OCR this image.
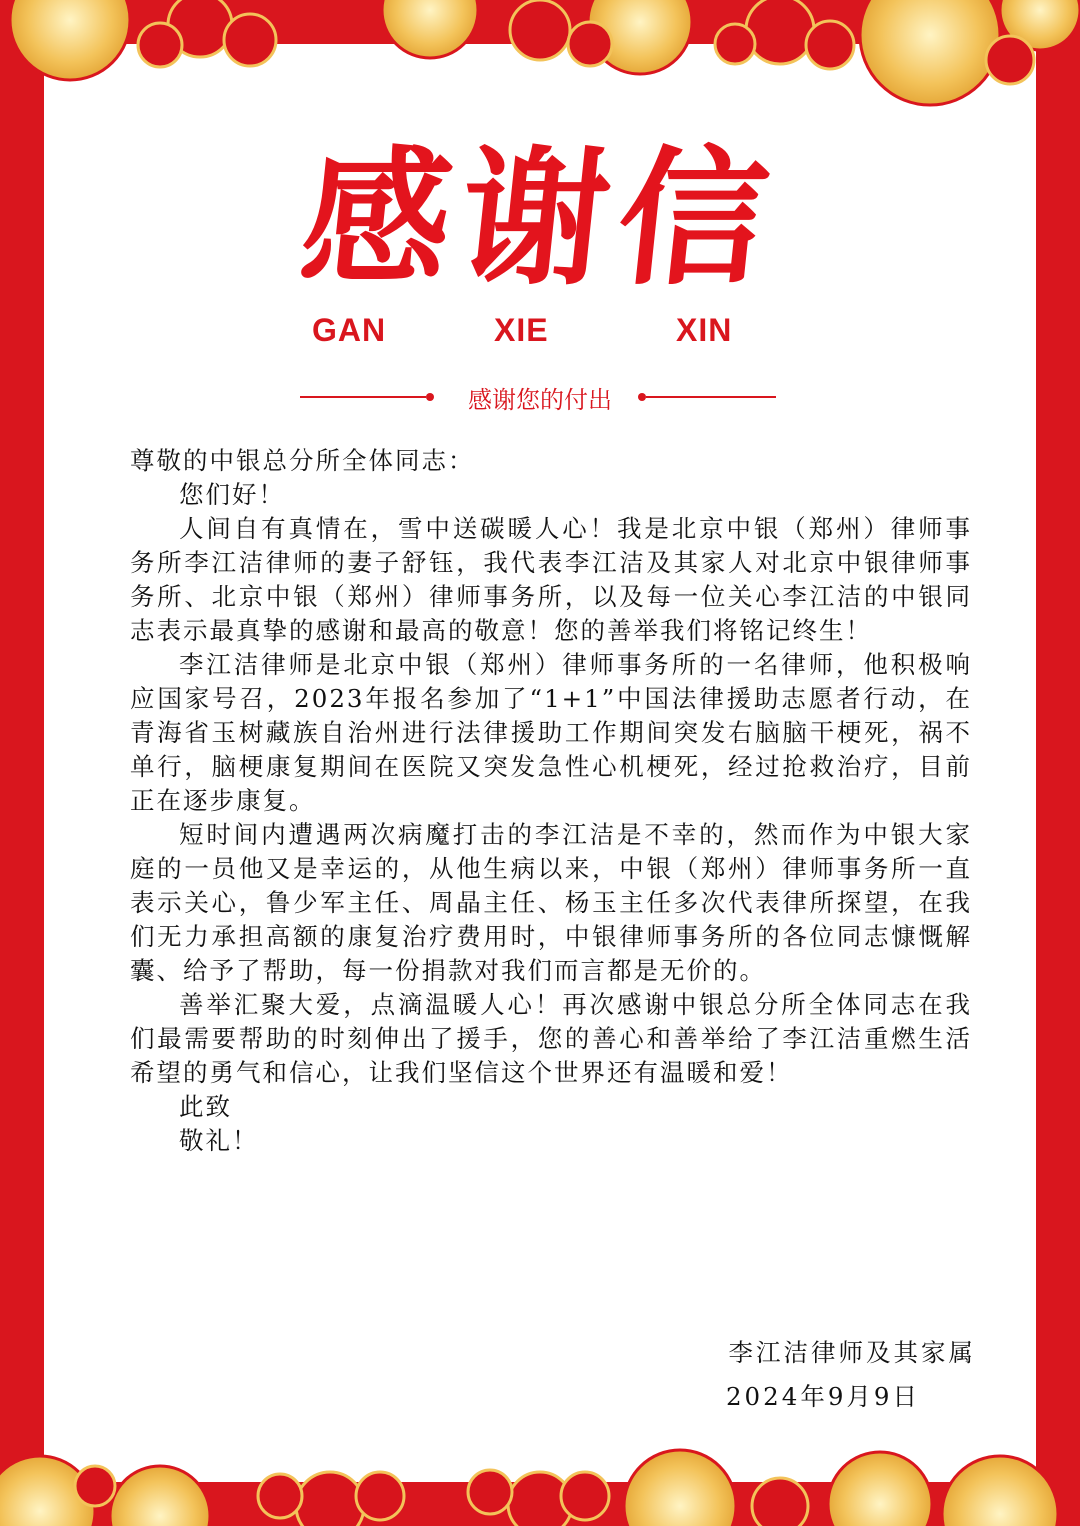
感谢信
GAN	XIE	XIN
感谢您的付出

尊敬的中银总分所全体同志：

您们好！

人间自有真情在，雪中送碳暖人心！我是北京中银（郑州）律师事务所李江洁律师的妻子舒钰，我代表李江洁及其家人对北京中银律师事务所、北京中银（郑州）律师事务所，以及每一位关心李江洁的中银同志表示最真挚的感谢和最高的敬意！您的善举我们将铭记终生！

李江洁律师是北京中银（郑州）律师事务所的一名律师，他积极响应国家号召，2023年报名参加了“1+1”中国法律援助志愿者行动，在青海省玉树藏族自治州进行法律援助工作期间突发右脑脑干梗死，祸不单行，脑梗康复期间在医院又突发急性心机梗死，经过抢救治疗，目前正在逐步康复。

短时间内遭遇两次病魔打击的李江洁是不幸的，然而作为中银大家庭的一员他又是幸运的，从他生病以来，中银（郑州）律师事务所一直表示关心，鲁少军主任、周晶主任、杨玉主任多次代表律所探望，在我们无力承担高额的康复治疗费用时，中银律师事务所的各位同志慷慨解囊、给予了帮助，每一份捐款对我们而言都是无价的。

善举汇聚大爱，点滴温暖人心！再次感谢中银总分所全体同志在我们最需要帮助的时刻伸出了援手，您的善心和善举给了李江洁重燃生活希望的勇气和信心，让我们坚信这个世界还有温暖和爱！

此致

敬礼！

李江洁律师及其家属
2024年9月9日
